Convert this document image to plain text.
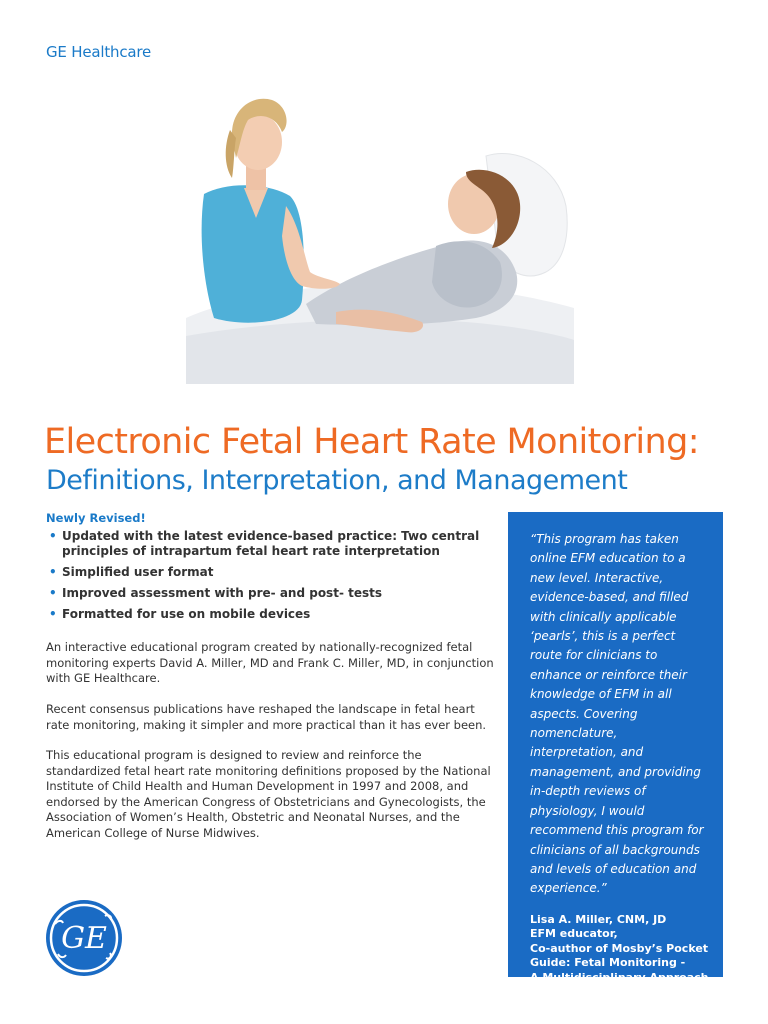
GE Healthcare
Electronic Fetal Heart Rate Monitoring:
Definitions, Interpretation, and Management
Newly Revised!
• Updated with the latest evidence-based practice: Two central principles of intrapartum fetal heart rate interpretation
• Simplified user format
• Improved assessment with pre- and post- tests
• Formatted for use on mobile devices

An interactive educational program created by nationally-recognized fetal monitoring experts David A. Miller, MD and Frank C. Miller, MD, in conjunction with GE Healthcare.

Recent consensus publications have reshaped the landscape in fetal heart rate monitoring, making it simpler and more practical than it has ever been.

This educational program is designed to review and reinforce the standardized fetal heart rate monitoring definitions proposed by the National Institute of Child Health and Human Development in 1997 and 2008, and endorsed by the American Congress of Obstetricians and Gynecologists, the Association of Women’s Health, Obstetric and Neonatal Nurses, and the American College of Nurse Midwives.

“This program has taken online EFM education to a new level. Interactive, evidence-based, and filled with clinically applicable ‘pearls’, this is a perfect route for clinicians to enhance or reinforce their knowledge of EFM in all aspects. Covering nomenclature, interpretation, and management, and providing in-depth reviews of physiology, I would recommend this program for clinicians of all backgrounds and levels of education and experience.”

Lisa A. Miller, CNM, JD
EFM educator,
Co-author of Mosby’s Pocket
Guide: Fetal Monitoring -
A Multidisciplinary Approach
GE
